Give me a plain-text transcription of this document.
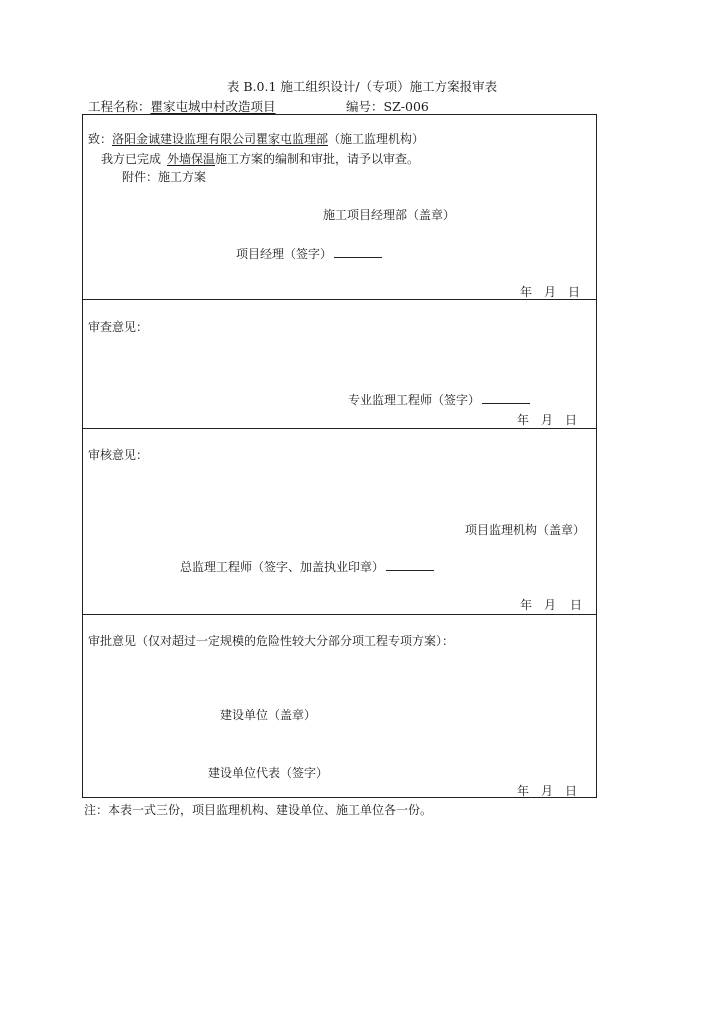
表 B.0.1 施工组织设计/（专项）施工方案报审表
工程名称：瞿家屯城中村改造项目	编号：SZ-006
致：洛阳金诚建设监理有限公司瞿家屯监理部（施工监理机构）
我方已完成 外墙保温施工方案的编制和审批，请予以审查。
附件：施工方案
施工项目经理部（盖章）
项目经理（签字）
年 月 日
审查意见：
专业监理工程师（签字）
年 月 日
审核意见：
项目监理机构（盖章）
总监理工程师（签字、加盖执业印章）
年 月 日
审批意见（仅对超过一定规模的危险性较大分部分项工程专项方案）：
建设单位（盖章）
建设单位代表（签字）
年 月 日
注：本表一式三份，项目监理机构、建设单位、施工单位各一份。
